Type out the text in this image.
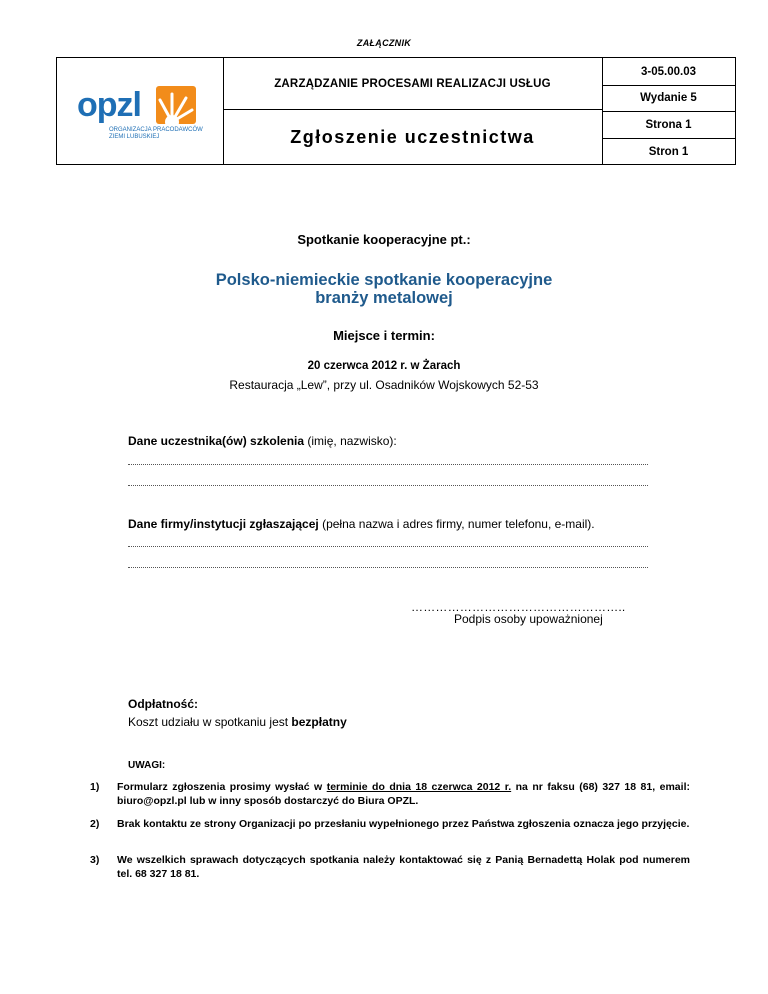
ZAŁĄCZNIK
opzl
ORGANIZACJA PRACODAWCÓW
ZIEMI LUBUSKIEJ
ZARZĄDZANIE PROCESAMI REALIZACJI USŁUG
Zgłoszenie uczestnictwa
3-05.00.03
Wydanie 5
Strona 1
Stron 1
Spotkanie kooperacyjne pt.:
Polsko-niemieckie spotkanie kooperacyjne
branży metalowej
Miejsce i termin:
20 czerwca 2012 r. w Żarach
Restauracja „Lew”, przy ul. Osadników Wojskowych 52-53
Dane uczestnika(ów) szkolenia (imię, nazwisko):
Dane firmy/instytucji zgłaszającej (pełna nazwa i adres firmy, numer telefonu, e-mail).
……………………………………………..
Podpis osoby upoważnionej
Odpłatność:
Koszt udziału w spotkaniu jest bezpłatny
UWAGI:
1) Formularz zgłoszenia prosimy wysłać w terminie do dnia 18 czerwca 2012 r. na nr faksu (68) 327 18 81, email: biuro@opzl.pl lub w inny sposób dostarczyć do Biura OPZL.
2) Brak kontaktu ze strony Organizacji po przesłaniu wypełnionego przez Państwa zgłoszenia oznacza jego przyjęcie.
3) We wszelkich sprawach dotyczących spotkania należy kontaktować się z Panią Bernadettą Holak pod numerem tel. 68 327 18 81.
